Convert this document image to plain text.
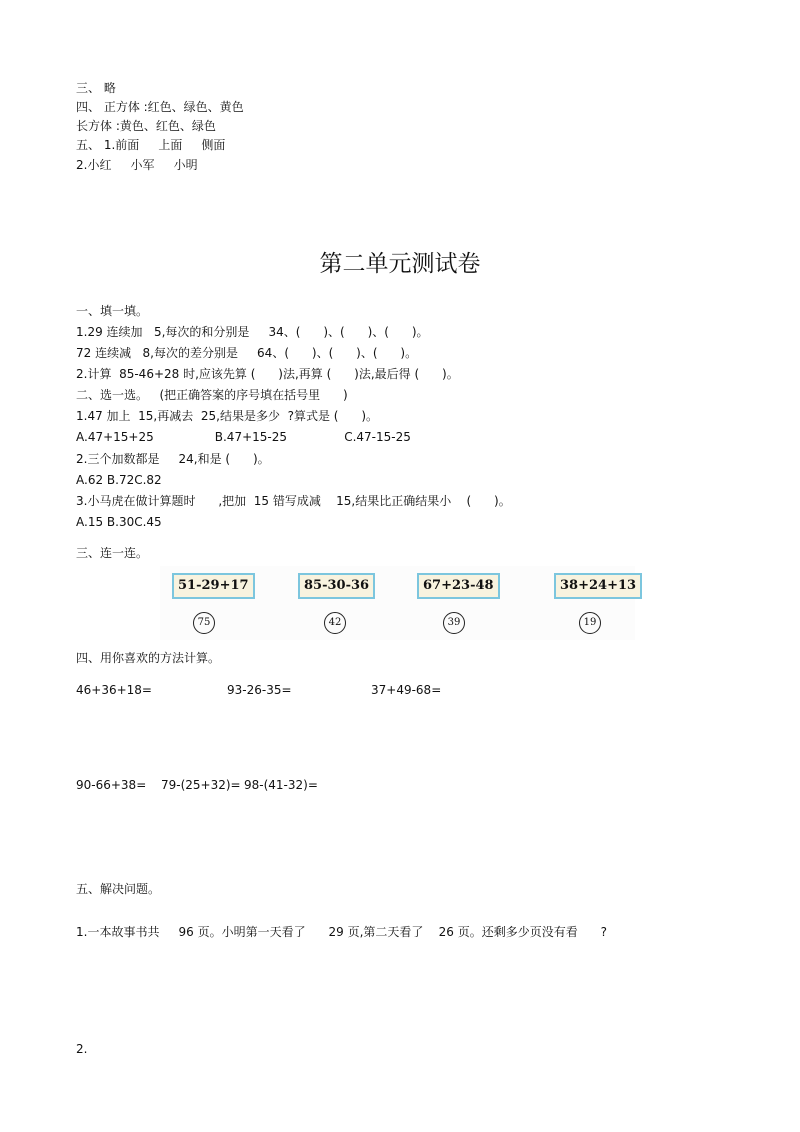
三、 略
四、 正方体 :红色、绿色、黄色
长方体 :黄色、红色、绿色
五、 1.前面     上面     侧面
2.小红     小军     小明
第二单元测试卷
一、填一填。
1.29 连续加   5,每次的和分别是     34、(      )、(      )、(      )。
72 连续减   8,每次的差分别是     64、(      )、(      )、(      )。
2.计算  85-46+28 时,应该先算 (      )法,再算 (      )法,最后得 (      )。
二、选一选。   (把正确答案的序号填在括号里      )
1.47 加上  15,再减去  25,结果是多少  ?算式是 (      )。
A.47+15+25                B.47+15-25               C.47-15-25
2.三个加数都是     24,和是 (      )。
A.62 B.72C.82
3.小马虎在做计算题时      ,把加  15 错写成减    15,结果比正确结果小    (      )。
A.15 B.30C.45
三、连一连。
51-29+17	85-30-36	67+23-48	38+24+13
75	42	39	19
四、用你喜欢的方法计算。
46+36+18=	93-26-35=	37+49-68=
90-66+38= 79-(25+32)= 98-(41-32)=
五、解决问题。
1.一本故事书共     96 页。小明第一天看了      29 页,第二天看了    26 页。还剩多少页没有看      ?
2.
